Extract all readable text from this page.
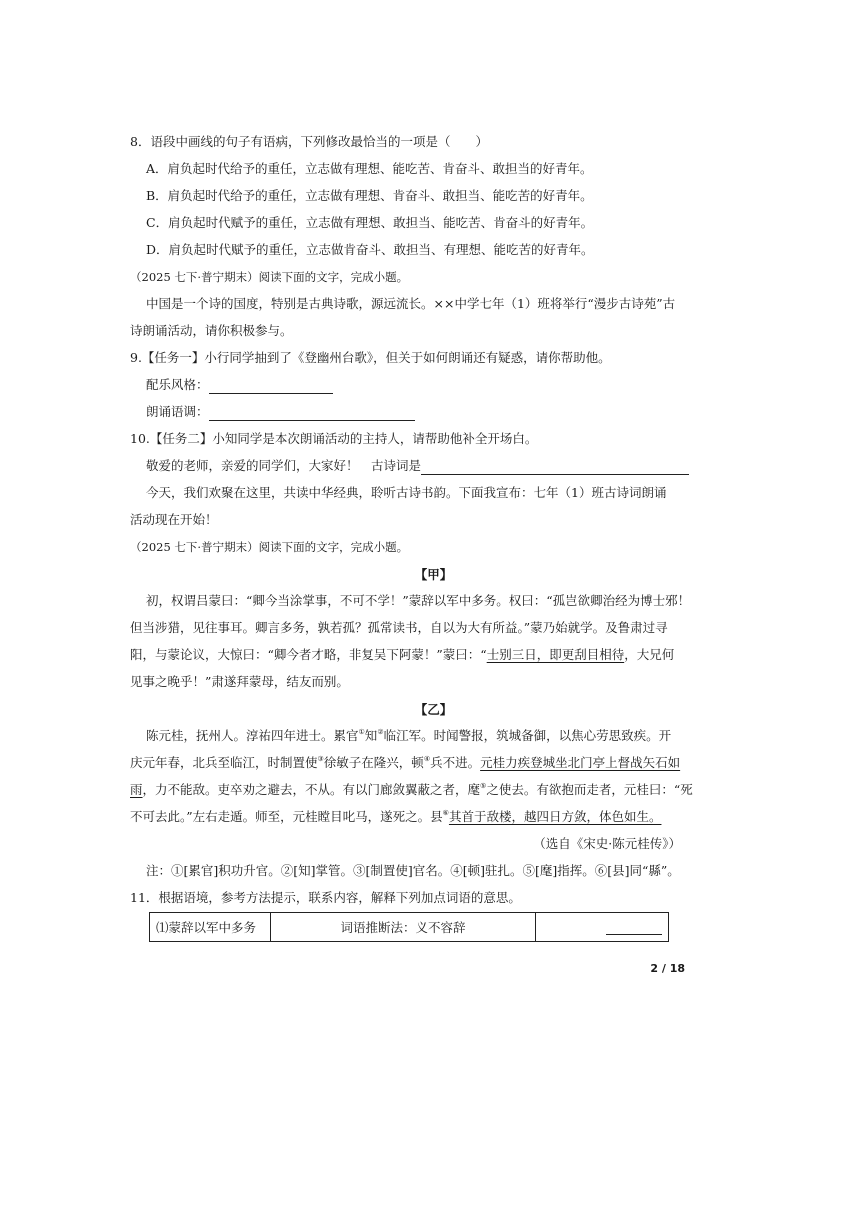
8．语段中画线的句子有语病，下列修改最恰当的一项是（　　）
A．肩负起时代给予的重任，立志做有理想、能吃苦、肯奋斗、敢担当的好青年。
B．肩负起时代给予的重任，立志做有理想、肯奋斗、敢担当、能吃苦的好青年。
C．肩负起时代赋予的重任，立志做有理想、敢担当、能吃苦、肯奋斗的好青年。
D．肩负起时代赋予的重任，立志做肯奋斗、敢担当、有理想、能吃苦的好青年。
（2025 七下·普宁期末）阅读下面的文字，完成小题。
中国是一个诗的国度，特别是古典诗歌，源远流长。××中学七年（1）班将举行“漫步古诗苑”古
诗朗诵活动，请你积极参与。
9.【任务一】小行同学抽到了《登幽州台歌》，但关于如何朗诵还有疑惑，请你帮助他。
配乐风格：
朗诵语调：
10.【任务二】小知同学是本次朗诵活动的主持人，请帮助他补全开场白。
敬爱的老师，亲爱的同学们，大家好！　古诗词是
今天，我们欢聚在这里，共读中华经典，聆听古诗书韵。下面我宣布：七年（1）班古诗词朗诵
活动现在开始！
（2025 七下·普宁期末）阅读下面的文字，完成小题。
【甲】
初，权谓吕蒙曰：“卿今当涂掌事，不可不学！”蒙辞以军中多务。权曰：“孤岂欲卿治经为博士邪！
但当涉猎，见往事耳。卿言多务，孰若孤？孤常读书，自以为大有所益。”蒙乃始就学。及鲁肃过寻
阳，与蒙论议，大惊曰：“卿今者才略，非复吴下阿蒙！”蒙曰：“士别三日，即更刮目相待，大兄何
见事之晚乎！”肃遂拜蒙母，结友而别。
【乙】
陈元桂，抚州人。淳祐四年进士。累官①知②临江军。时闻警报，筑城备御，以焦心劳思致疾。开
庆元年春，北兵至临江，时制置使③徐敏子在隆兴，顿④兵不进。元桂力疾登城坐北门亭上督战矢石如
雨，力不能敌。吏卒劝之避去，不从。有以门廊敛翼蔽之者，麾⑤之使去。有欲抱而走者，元桂曰：“死
不可去此。”左右走遁。师至，元桂瞠目叱马，遂死之。县⑥其首于敌楼，越四日方敛，体色如生。
（选自《宋史·陈元桂传》）
注：①[累官]积功升官。②[知]掌管。③[制置使]官名。④[顿]驻扎。⑤[麾]指挥。⑥[县]同“縣”。
11．根据语境，参考方法提示，联系内容，解释下列加点词语的意思。
⑴蒙辞以军中多务	词语推断法：义不容辞	
2 / 18
